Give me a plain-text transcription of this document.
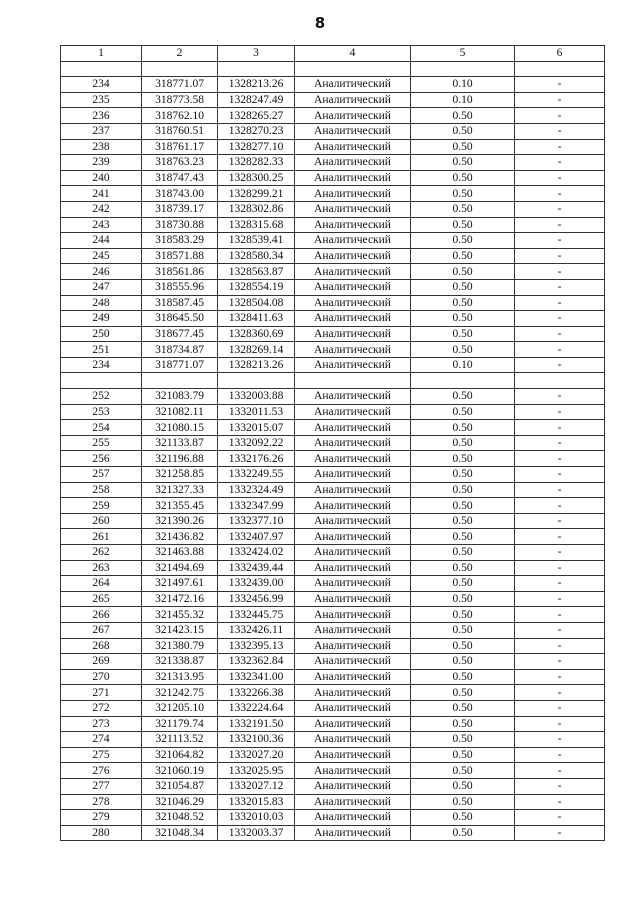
8
1	2	3	4	5	6

234	318771.07	1328213.26	Аналитический	0.10	-
235	318773.58	1328247.49	Аналитический	0.10	-
236	318762.10	1328265.27	Аналитический	0.50	-
237	318760.51	1328270.23	Аналитический	0.50	-
238	318761.17	1328277.10	Аналитический	0.50	-
239	318763.23	1328282.33	Аналитический	0.50	-
240	318747.43	1328300.25	Аналитический	0.50	-
241	318743.00	1328299.21	Аналитический	0.50	-
242	318739.17	1328302.86	Аналитический	0.50	-
243	318730.88	1328315.68	Аналитический	0.50	-
244	318583.29	1328539.41	Аналитический	0.50	-
245	318571.88	1328580.34	Аналитический	0.50	-
246	318561.86	1328563.87	Аналитический	0.50	-
247	318555.96	1328554.19	Аналитический	0.50	-
248	318587.45	1328504.08	Аналитический	0.50	-
249	318645.50	1328411.63	Аналитический	0.50	-
250	318677.45	1328360.69	Аналитический	0.50	-
251	318734.87	1328269.14	Аналитический	0.50	-
234	318771.07	1328213.26	Аналитический	0.10	-

252	321083.79	1332003.88	Аналитический	0.50	-
253	321082.11	1332011.53	Аналитический	0.50	-
254	321080.15	1332015.07	Аналитический	0.50	-
255	321133.87	1332092.22	Аналитический	0.50	-
256	321196.88	1332176.26	Аналитический	0.50	-
257	321258.85	1332249.55	Аналитический	0.50	-
258	321327.33	1332324.49	Аналитический	0.50	-
259	321355.45	1332347.99	Аналитический	0.50	-
260	321390.26	1332377.10	Аналитический	0.50	-
261	321436.82	1332407.97	Аналитический	0.50	-
262	321463.88	1332424.02	Аналитический	0.50	-
263	321494.69	1332439.44	Аналитический	0.50	-
264	321497.61	1332439.00	Аналитический	0.50	-
265	321472.16	1332456.99	Аналитический	0.50	-
266	321455.32	1332445.75	Аналитический	0.50	-
267	321423.15	1332426.11	Аналитический	0.50	-
268	321380.79	1332395.13	Аналитический	0.50	-
269	321338.87	1332362.84	Аналитический	0.50	-
270	321313.95	1332341.00	Аналитический	0.50	-
271	321242.75	1332266.38	Аналитический	0.50	-
272	321205.10	1332224.64	Аналитический	0.50	-
273	321179.74	1332191.50	Аналитический	0.50	-
274	321113.52	1332100.36	Аналитический	0.50	-
275	321064.82	1332027.20	Аналитический	0.50	-
276	321060.19	1332025.95	Аналитический	0.50	-
277	321054.87	1332027.12	Аналитический	0.50	-
278	321046.29	1332015.83	Аналитический	0.50	-
279	321048.52	1332010.03	Аналитический	0.50	-
280	321048.34	1332003.37	Аналитический	0.50	-
